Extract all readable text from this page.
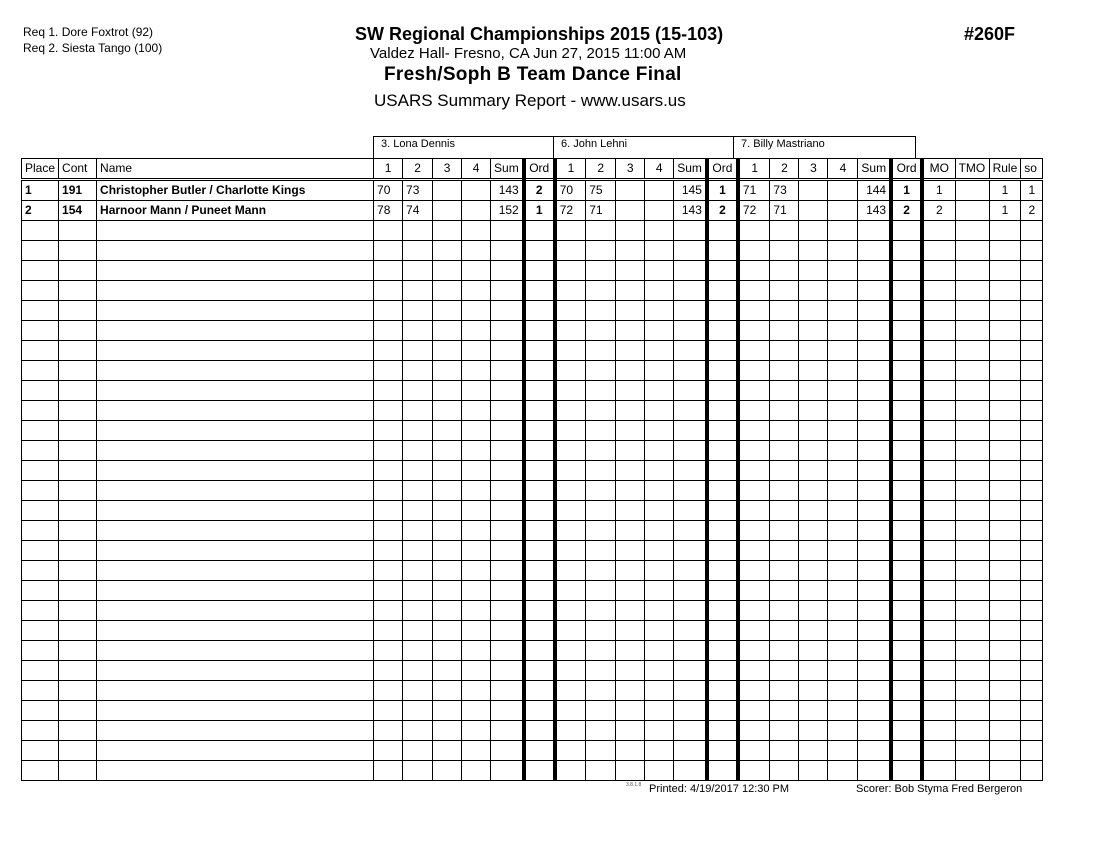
Req 1. Dore Foxtrot (92)
Req 2. Siesta Tango (100)
SW Regional Championships 2015 (15-103)
Valdez Hall- Fresno, CA Jun 27, 2015 11:00 AM
Fresh/Soph B Team Dance Final
USARS Summary Report - www.usars.us
#260F
3. Lona Dennis	6. John Lehni	7. Billy Mastriano
Place	Cont	Name	1	2	3	4	Sum	Ord	1	2	3	4	Sum	Ord	1	2	3	4	Sum	Ord	MO	TMO	Rule	so
1	191	Christopher Butler / Charlotte Kings	70	73			143	2	70	75			145	1	71	73			144	1	1		1	1
2	154	Harnoor Mann / Puneet Mann	78	74			152	1	72	71			143	2	72	71			143	2	2		1	2

3.8.1.8 Printed: 4/19/2017 12:30 PM	Scorer: Bob Styma Fred Bergeron
